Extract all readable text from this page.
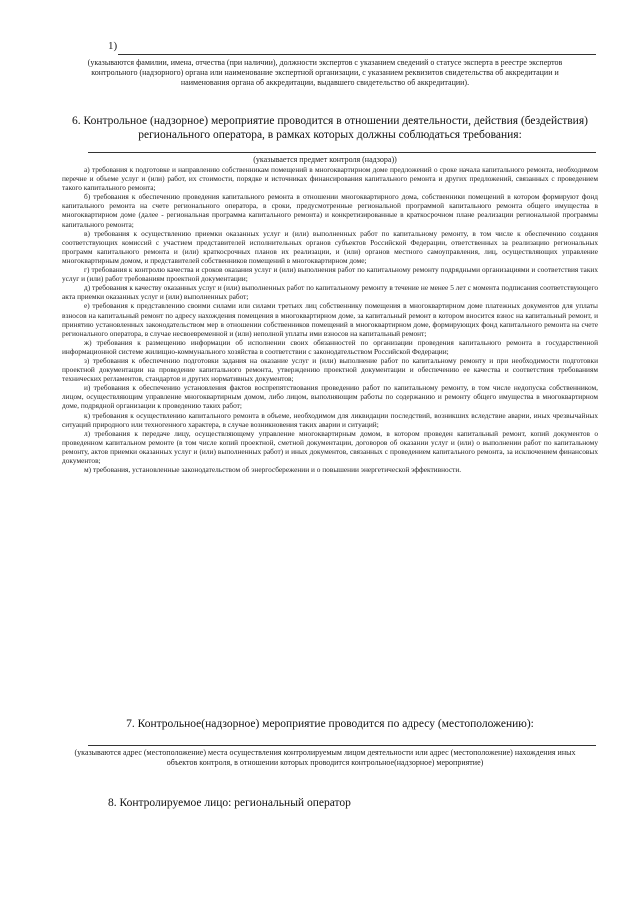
1)
(указываются фамилии, имена, отчества (при наличии), должности экспертов с указанием сведений о статусе эксперта в реестре экспертов контрольного (надзорного) органа или наименование экспертной организации, с указанием реквизитов свидетельства об аккредитации и наименования органа об аккредитации, выдавшего свидетельство об аккредитации).
6. Контрольное (надзорное) мероприятие проводится в отношении деятельности, действия (бездействия) регионального оператора, в рамках которых должны соблюдаться требования:
(указывается предмет контроля (надзора))

а) требования к подготовке и направлению собственникам помещений в многоквартирном доме предложений о сроке начала капитального ремонта, необходимом перечне и объеме услуг и (или) работ, их стоимости, порядке и источниках финансирования капитального ремонта и других предложений, связанных с проведением такого капитального ремонта;

б) требования к обеспечению проведения капитального ремонта в отношении многоквартирного дома, собственники помещений в котором формируют фонд капитального ремонта на счете регионального оператора, в сроки, предусмотренные региональной программой капитального ремонта общего имущества в многоквартирном доме (далее - региональная программа капитального ремонта) и конкретизированные в краткосрочном плане реализации региональной программы капитального ремонта;

в) требования к осуществлению приемки оказанных услуг и (или) выполненных работ по капитальному ремонту, в том числе к обеспечению создания соответствующих комиссий с участием представителей исполнительных органов субъектов Российской Федерации, ответственных за реализацию региональных программ капитального ремонта и (или) краткосрочных планов их реализации, и (или) органов местного самоуправления, лиц, осуществляющих управление многоквартирным домом, и представителей собственников помещений в многоквартирном доме;

г) требования к контролю качества и сроков оказания услуг и (или) выполнения работ по капитальному ремонту подрядными организациями и соответствия таких услуг и (или) работ требованиям проектной документации;

д) требования к качеству оказанных услуг и (или) выполненных работ по капитальному ремонту в течение не менее 5 лет с момента подписания соответствующего акта приемки оказанных услуг и (или) выполненных работ;

е) требования к представлению своими силами или силами третьих лиц собственнику помещения в многоквартирном доме платежных документов для уплаты взносов на капитальный ремонт по адресу нахождения помещения в многоквартирном доме, за капитальный ремонт в котором вносится взнос на капитальный ремонт, и принятию установленных законодательством мер в отношении собственников помещений в многоквартирном доме, формирующих фонд капитального ремонта на счете регионального оператора, в случае несвоевременной и (или) неполной уплаты ими взносов на капитальный ремонт;

ж) требования к размещению информации об исполнении своих обязанностей по организации проведения капитального ремонта в государственной информационной системе жилищно-коммунального хозяйства в соответствии с законодательством Российской Федерации;

з) требования к обеспечению подготовки задания на оказание услуг и (или) выполнение работ по капитальному ремонту и при необходимости подготовки проектной документации на проведение капитального ремонта, утверждению проектной документации и обеспечению ее качества и соответствия требованиям технических регламентов, стандартов и других нормативных документов;

и) требования к обеспечению установления фактов воспрепятствования проведению работ по капитальному ремонту, в том числе недопуска собственником, лицом, осуществляющим управление многоквартирным домом, либо лицом, выполняющим работы по содержанию и ремонту общего имущества в многоквартирном доме, подрядной организации к проведению таких работ;

к) требования к осуществлению капитального ремонта в объеме, необходимом для ликвидации последствий, возникших вследствие аварии, иных чрезвычайных ситуаций природного или техногенного характера, в случае возникновения таких аварии и ситуаций;

л) требования к передаче лицу, осуществляющему управление многоквартирным домом, в котором проведен капитальный ремонт, копий документов о проведенном капитальном ремонте (в том числе копий проектной, сметной документации, договоров об оказании услуг и (или) о выполнении работ по капитальному ремонту, актов приемки оказанных услуг и (или) выполненных работ) и иных документов, связанных с проведением капитального ремонта, за исключением финансовых документов;

м) требования, установленные законодательством об энергосбережении и о повышении энергетической эффективности.

7. Контрольное(надзорное) мероприятие проводится по адресу (местоположению):
(указываются адрес (местоположение) места осуществления контролируемым лицом деятельности или адрес (местоположение) нахождения иных объектов контроля, в отношении которых проводится контрольное(надзорное) мероприятие)
8. Контролируемое лицо: региональный оператор
